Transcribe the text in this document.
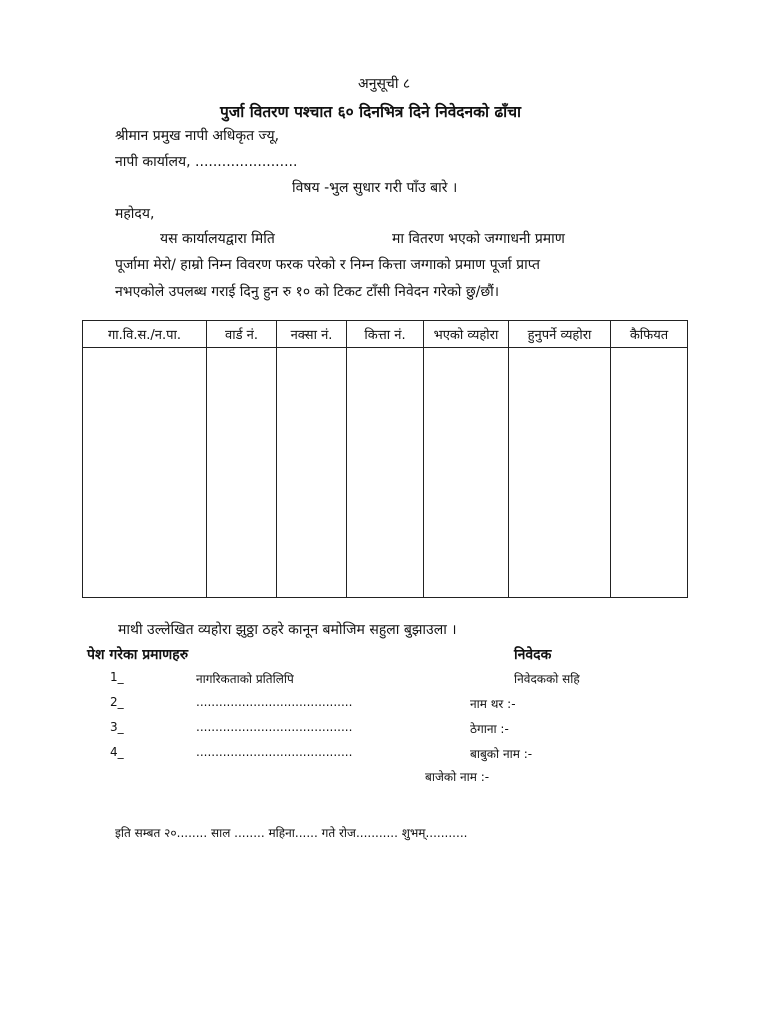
अनुसूची ८
पुर्जा वितरण पश्चात ६० दिनभित्र दिने निवेदनको ढाँचा
श्रीमान प्रमुख नापी अधिकृत ज्यू,
नापी कार्यालय, .......................
विषय -भुल सुधार गरी पाँउ बारे ।
महोदय,
यस कार्यालयद्वारा मिति	मा वितरण भएको जग्गाधनी प्रमाण
पूर्जामा मेरो/ हाम्रो निम्न विवरण फरक परेको र निम्न कित्ता जग्गाको प्रमाण पूर्जा प्राप्त
नभएकोले उपलब्ध गराई दिनु हुन रु १० को टिकट टाँसी निवेदन गरेको छु/छौं।
गा.वि.स./न.पा.	वार्ड नं.	नक्सा नं.	कित्ता नं.	भएको व्यहोरा	हुनुपर्ने व्यहोरा	कैफियत

माथी उल्लेखित व्यहोरा झुठ्ठा ठहरे कानून बमोजिम सहुला बुझाउला ।
पेश गरेका प्रमाणहरु	निवेदक
1_	नागरिकताको प्रतिलिपि
2_	.........................................
3_	.........................................
4_	.........................................
निवेदकको सहि
नाम थर :-
ठेगाना :-
बाबुको नाम :-
बाजेको नाम :-
इति सम्बत २०........ साल ........ महिना...... गते रोज........... शुभम्...........
